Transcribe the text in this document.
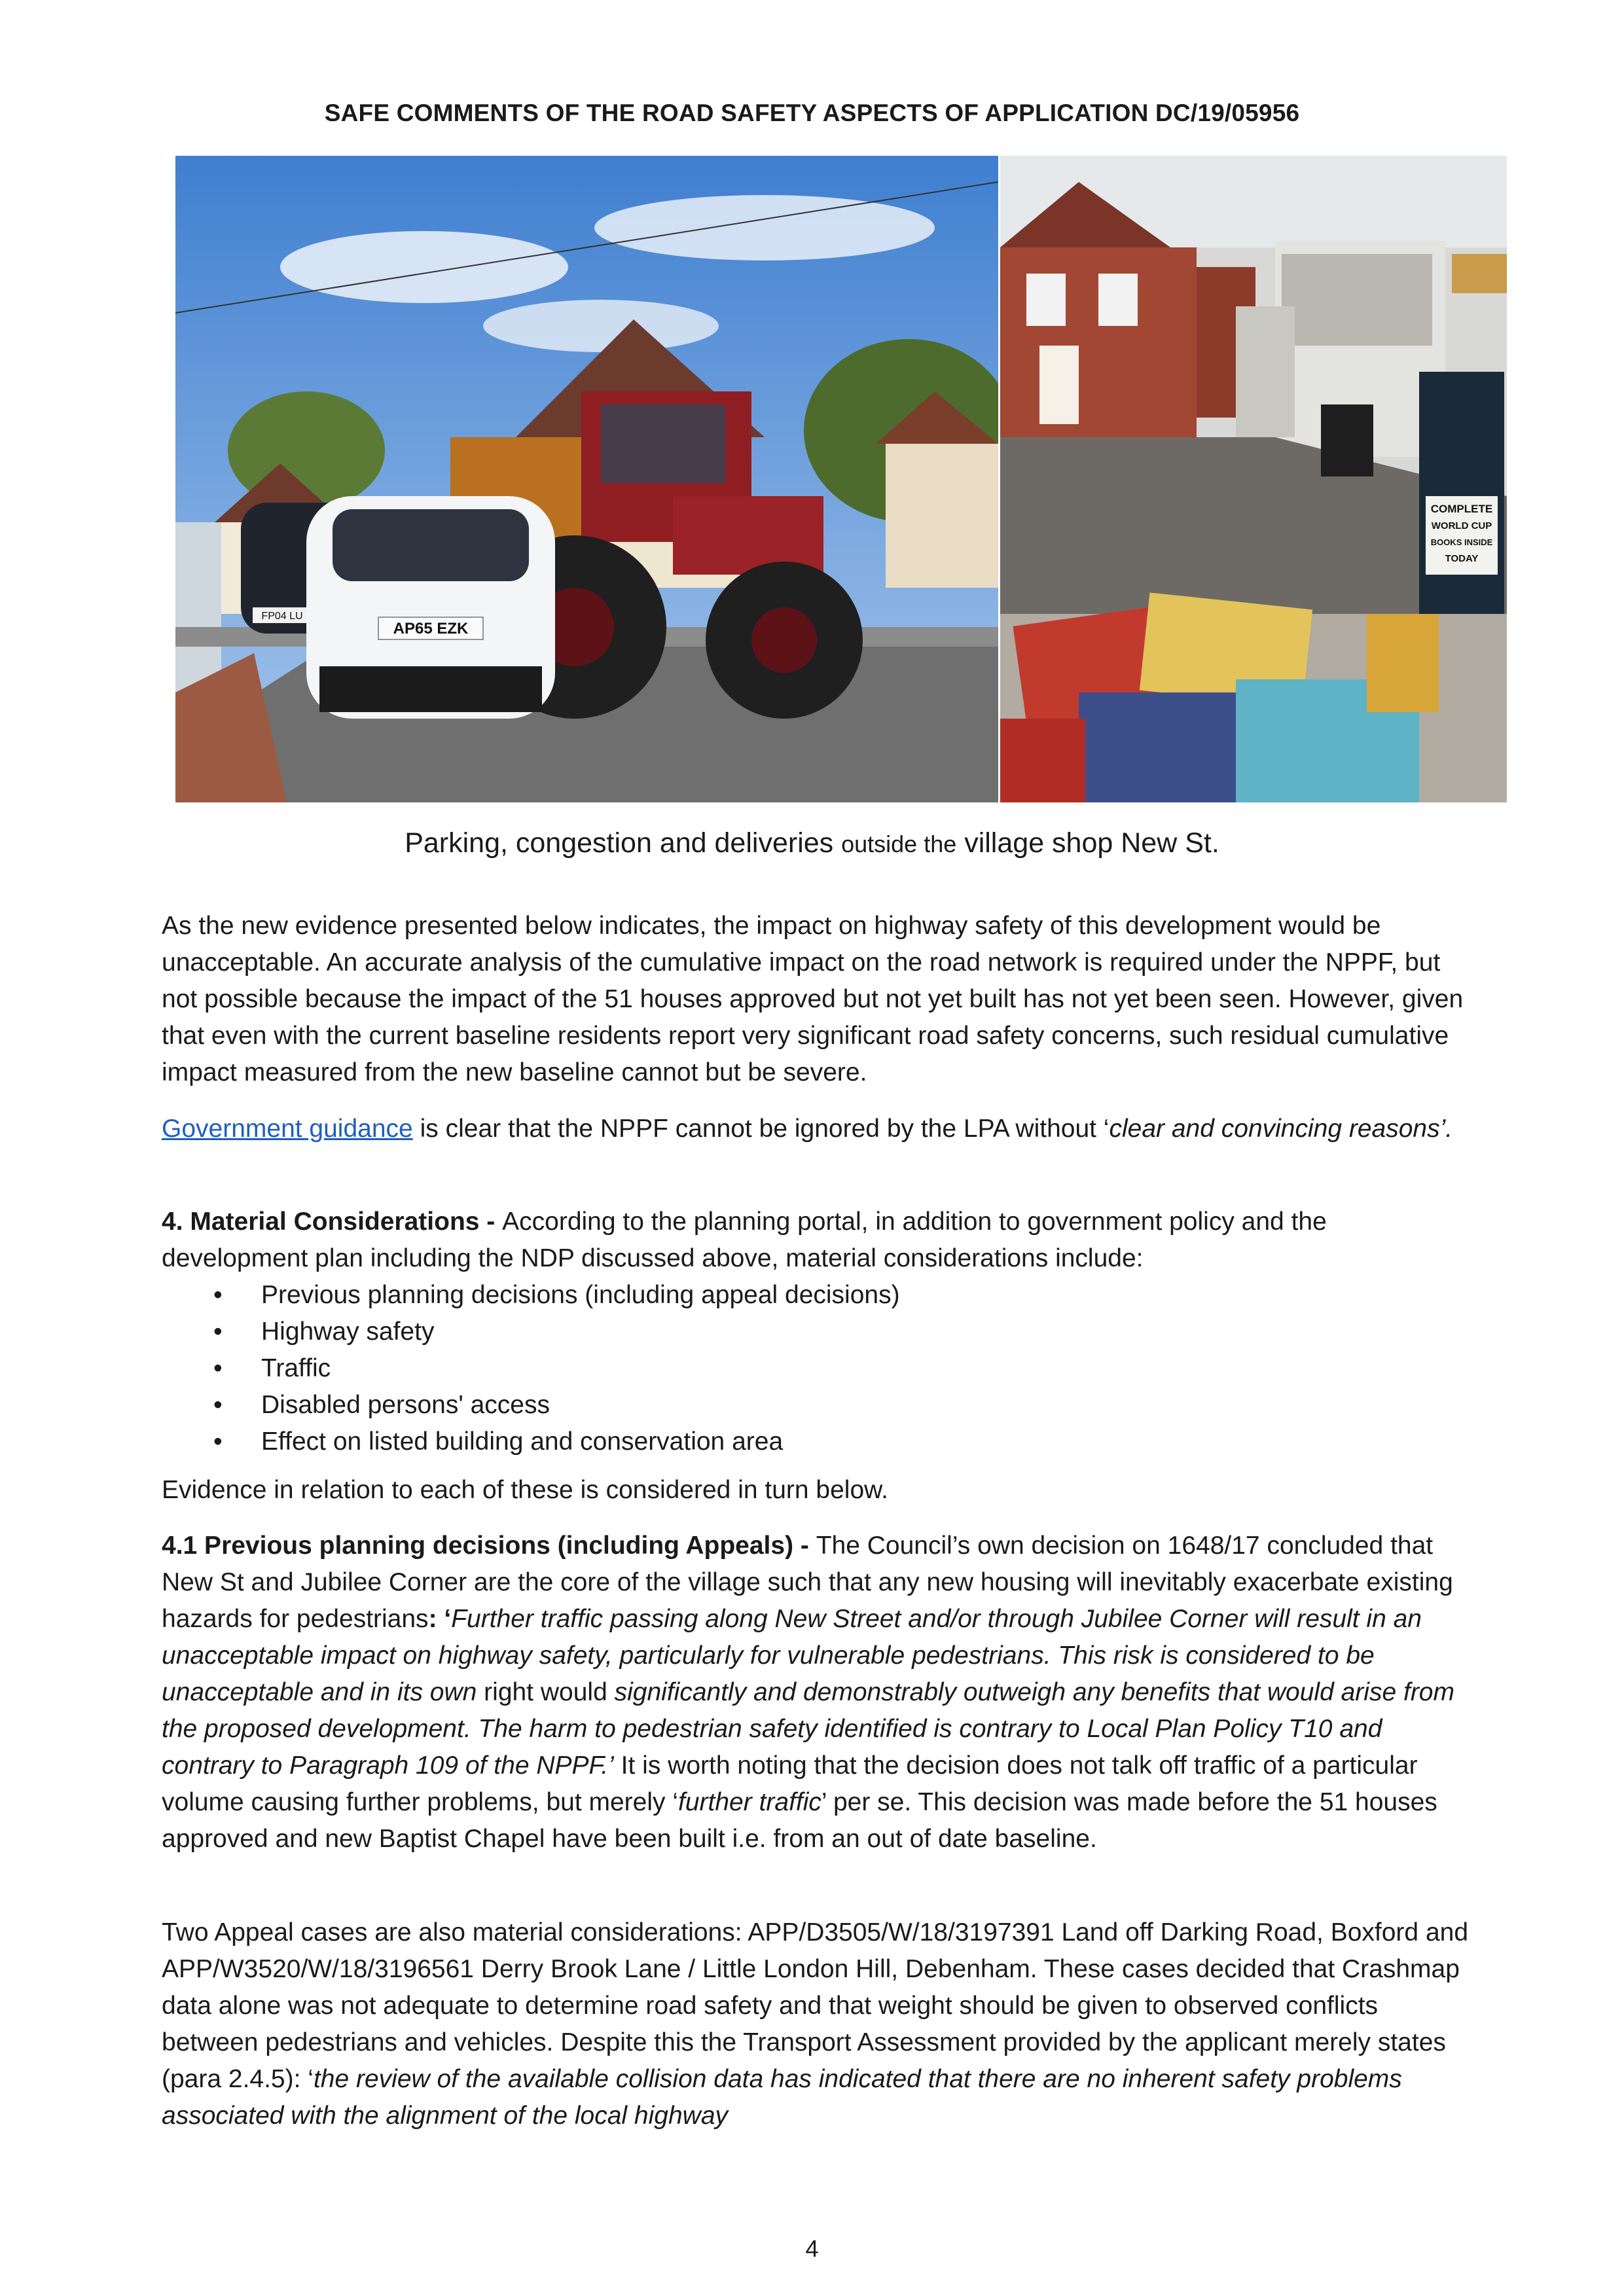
SAFE COMMENTS OF THE ROAD SAFETY ASPECTS OF APPLICATION DC/19/05956
FP04 LU
AP65 EZK
COMPLETE
WORLD CUP
BOOKS INSIDE
TODAY
Parking, congestion and deliveries outside the village shop New St.

As the new evidence presented below indicates, the impact on highway safety of this development would be unacceptable. An accurate analysis of the cumulative impact on the road network is required under the NPPF, but not possible because the impact of the 51 houses approved but not yet built has not yet been seen. However, given that even with the current baseline residents report very significant road safety concerns, such residual cumulative impact measured from the new baseline cannot but be severe.

Government guidance is clear that the NPPF cannot be ignored by the LPA without ‘clear and convincing reasons’.

4. Material Considerations - According to the planning portal, in addition to government policy and the development plan including the NDP discussed above, material considerations include:

• Previous planning decisions (including appeal decisions)
• Highway safety
• Traffic
• Disabled persons' access
• Effect on listed building and conservation area

Evidence in relation to each of these is considered in turn below.

4.1 Previous planning decisions (including Appeals) - The Council’s own decision on 1648/17 concluded that New St and Jubilee Corner are the core of the village such that any new housing will inevitably exacerbate existing hazards for pedestrians: ‘Further traffic passing along New Street and/or through Jubilee Corner will result in an unacceptable impact on highway safety, particularly for vulnerable pedestrians. This risk is considered to be unacceptable and in its own right would significantly and demonstrably outweigh any benefits that would arise from the proposed development. The harm to pedestrian safety identified is contrary to Local Plan Policy T10 and contrary to Paragraph 109 of the NPPF.’ It is worth noting that the decision does not talk off traffic of a particular volume causing further problems, but merely ‘further traffic’ per se. This decision was made before the 51 houses approved and new Baptist Chapel have been built i.e. from an out of date baseline.

Two Appeal cases are also material considerations: APP/D3505/W/18/3197391 Land off Darking Road, Boxford and APP/W3520/W/18/3196561 Derry Brook Lane / Little London Hill, Debenham. These cases decided that Crashmap data alone was not adequate to determine road safety and that weight should be given to observed conflicts between pedestrians and vehicles. Despite this the Transport Assessment provided by the applicant merely states (para 2.4.5): ‘the review of the available collision data has indicated that there are no inherent safety problems associated with the alignment of the local highway

4
